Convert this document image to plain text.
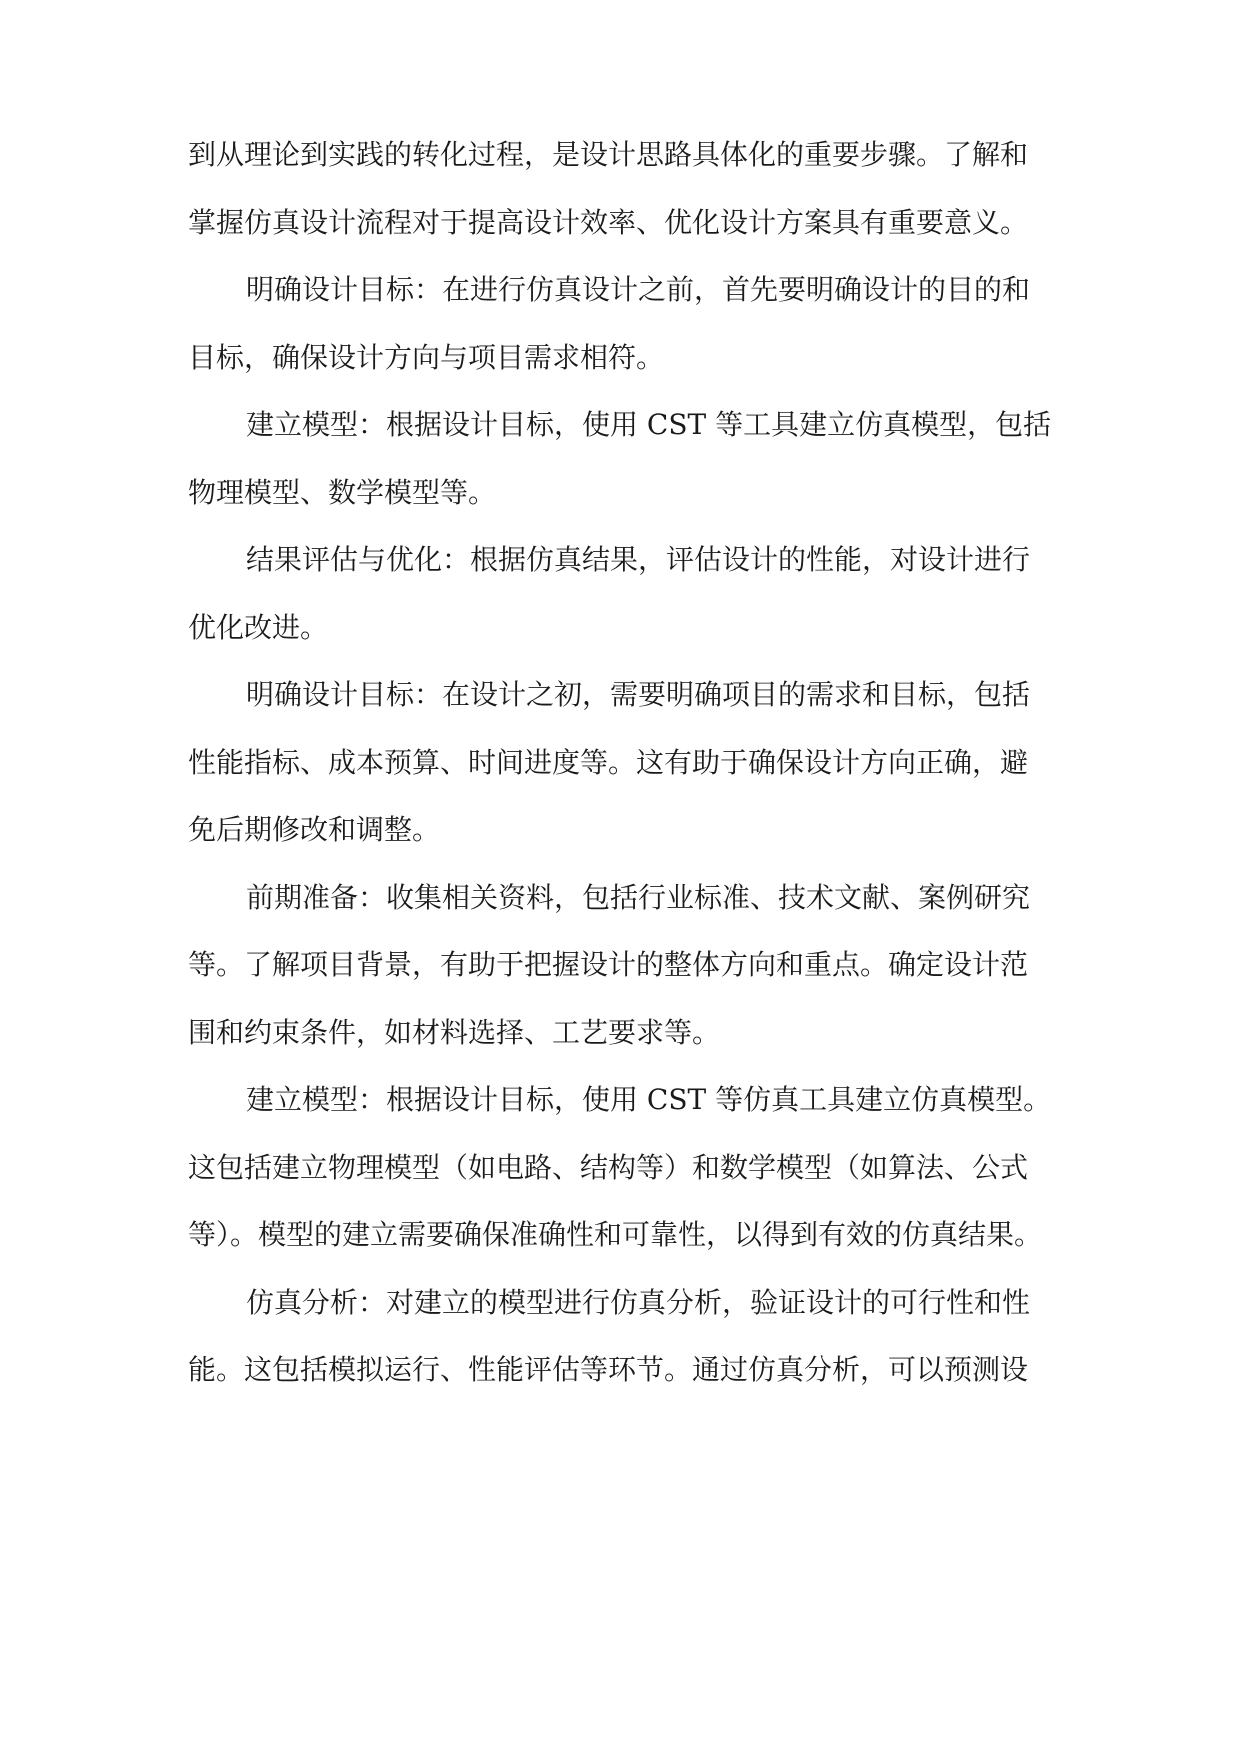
到从理论到实践的转化过程，是设计思路具体化的重要步骤。了解和
掌握仿真设计流程对于提高设计效率、优化设计方案具有重要意义。
明确设计目标：在进行仿真设计之前，首先要明确设计的目的和
目标，确保设计方向与项目需求相符。
建立模型：根据设计目标，使用 CST 等工具建立仿真模型，包括
物理模型、数学模型等。
结果评估与优化：根据仿真结果，评估设计的性能，对设计进行
优化改进。
明确设计目标：在设计之初，需要明确项目的需求和目标，包括
性能指标、成本预算、时间进度等。这有助于确保设计方向正确，避
免后期修改和调整。
前期准备：收集相关资料，包括行业标准、技术文献、案例研究
等。了解项目背景，有助于把握设计的整体方向和重点。确定设计范
围和约束条件，如材料选择、工艺要求等。
建立模型：根据设计目标，使用 CST 等仿真工具建立仿真模型。
这包括建立物理模型（如电路、结构等）和数学模型（如算法、公式
等）。模型的建立需要确保准确性和可靠性，以得到有效的仿真结果。
仿真分析：对建立的模型进行仿真分析，验证设计的可行性和性
能。这包括模拟运行、性能评估等环节。通过仿真分析，可以预测设
